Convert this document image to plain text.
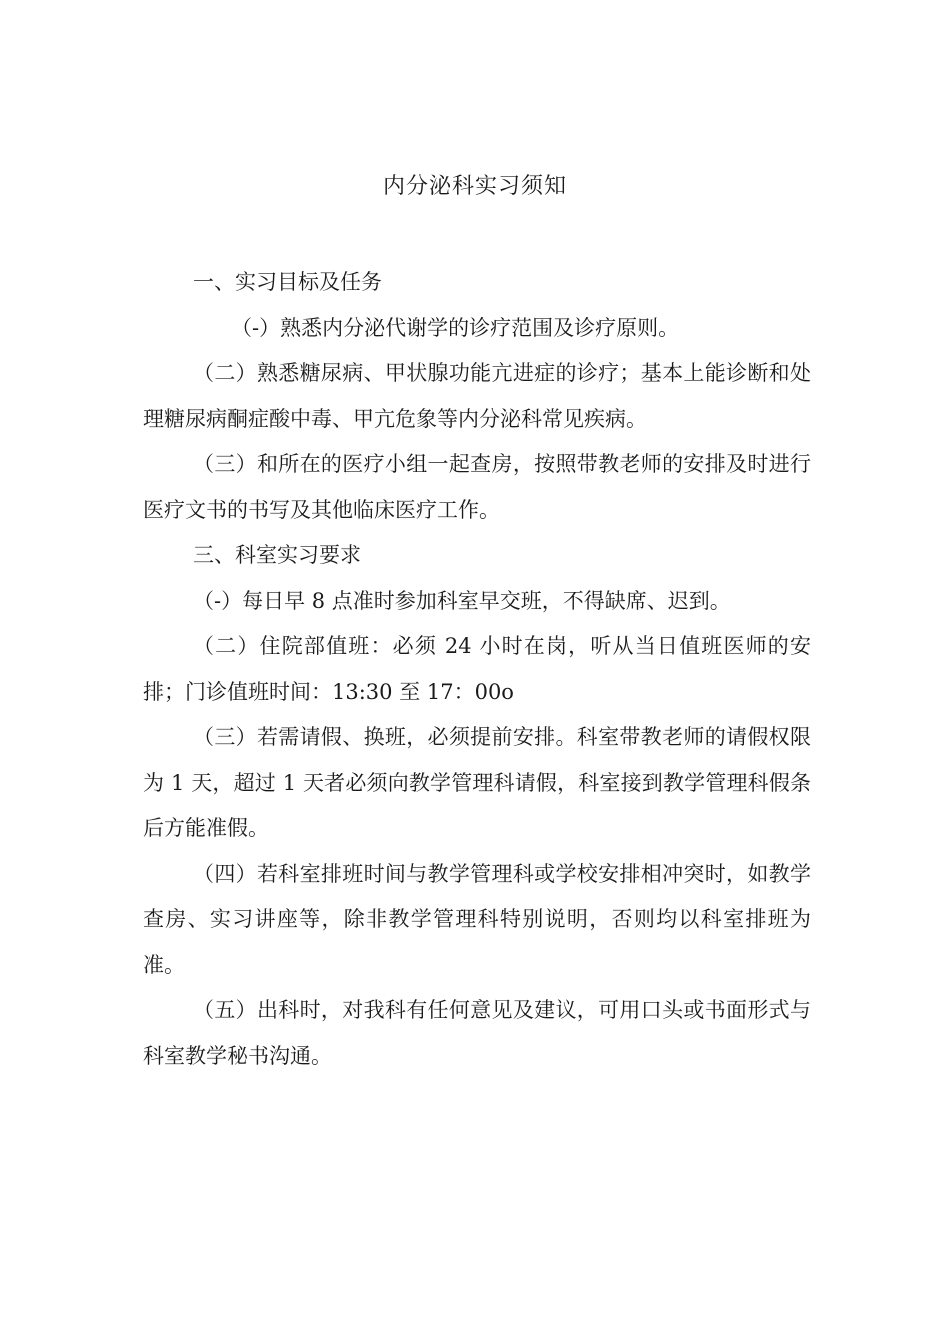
内分泌科实习须知

一、实习目标及任务

（-）熟悉内分泌代谢学的诊疗范围及诊疗原则。

（二）熟悉糖尿病、甲状腺功能亢进症的诊疗；基本上能诊断和处理糖尿病酮症酸中毒、甲亢危象等内分泌科常见疾病。

（三）和所在的医疗小组一起查房，按照带教老师的安排及时进行医疗文书的书写及其他临床医疗工作。

三、科室实习要求

（-）每日早 8 点准时参加科室早交班，不得缺席、迟到。

（二）住院部值班：必须 24 小时在岗，听从当日值班医师的安排；门诊值班时间：13:30 至 17：00o

（三）若需请假、换班，必须提前安排。科室带教老师的请假权限为 1 天，超过 1 天者必须向教学管理科请假，科室接到教学管理科假条后方能准假。

（四）若科室排班时间与教学管理科或学校安排相冲突时，如教学查房、实习讲座等，除非教学管理科特别说明，否则均以科室排班为准。

（五）出科时，对我科有任何意见及建议，可用口头或书面形式与科室教学秘书沟通。
